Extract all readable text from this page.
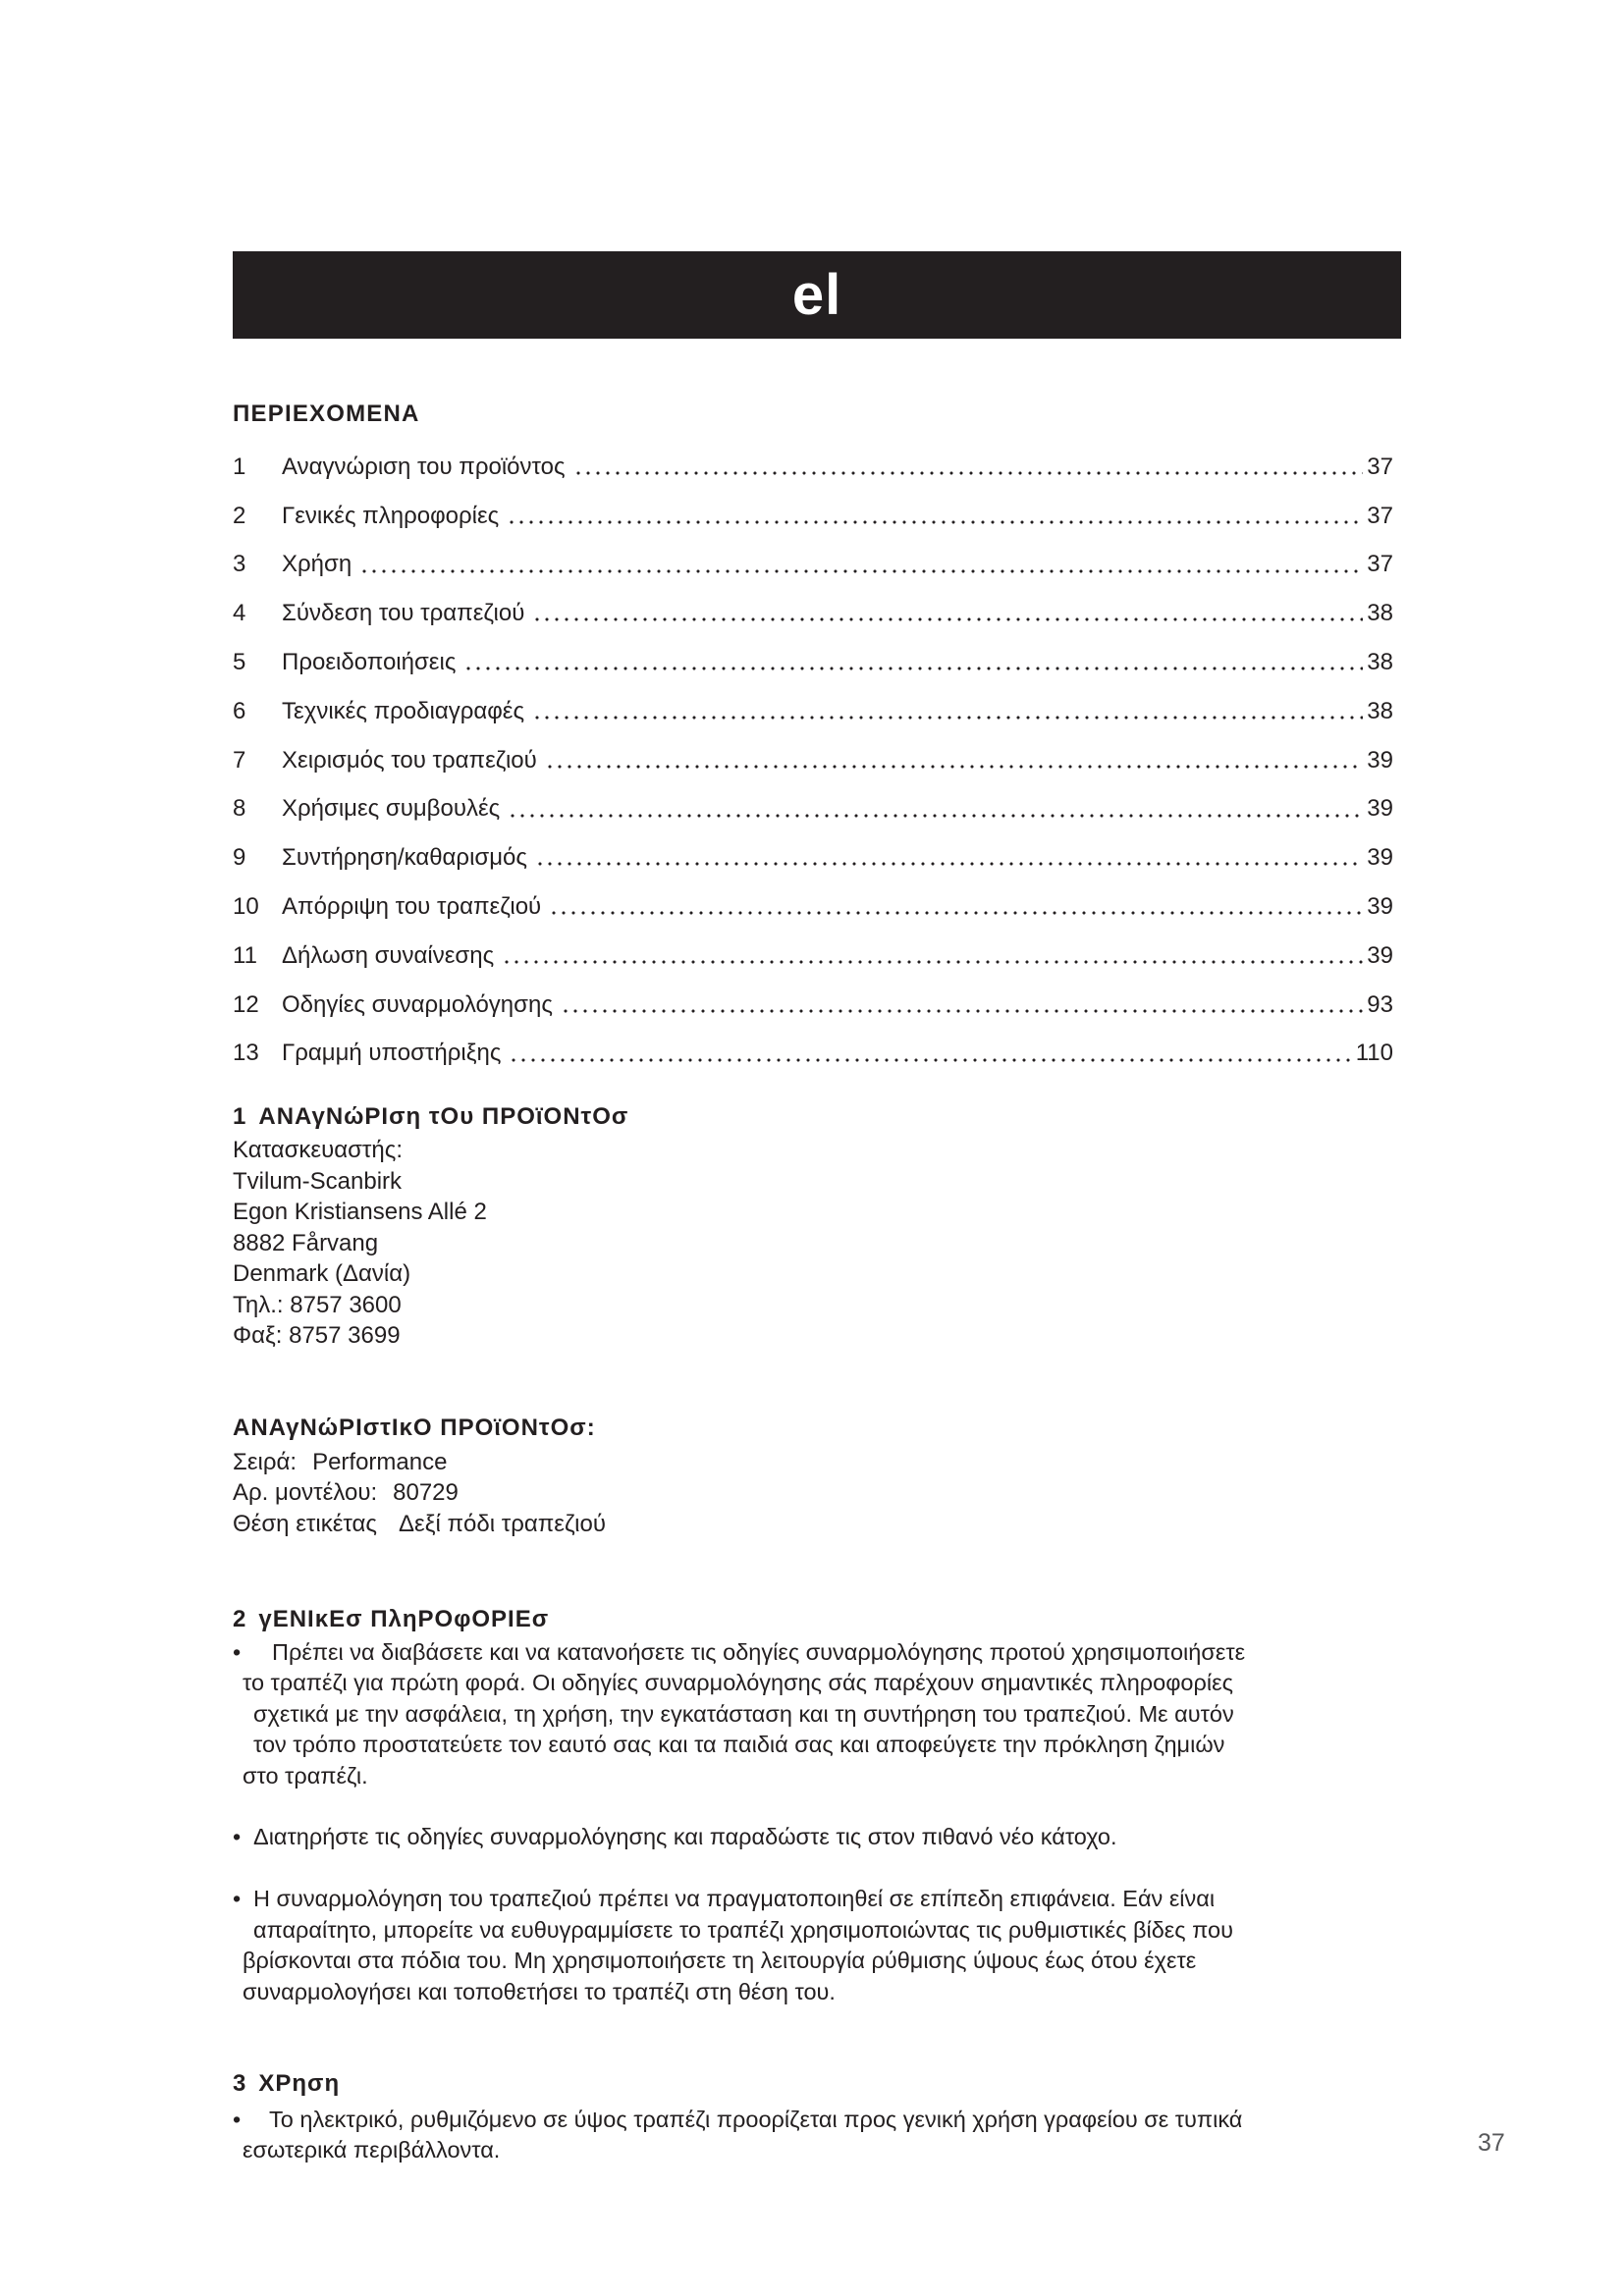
el
ΠΕΡΙΕΧΟΜΕΝΑ
1	Αναγνώριση του προϊόντος	37
2	Γενικές πληροφορίες	37
3	Χρήση	37
4	Σύνδεση του τραπεζιού	38
5	Προειδοποιήσεις	38
6	Τεχνικές προδιαγραφές	38
7	Χειρισμός του τραπεζιού	39
8	Χρήσιμες συμβουλές	39
9	Συντήρηση/καθαρισμός	39
10 Απόρριψη του τραπεζιού	39
11	Δήλωση συναίνεσης	39
12 Οδηγίες συναρμολόγησης	93
13 Γραμμή υποστήριξης	110
1 ΑΝΑγΝώΡΙση τΟυ ΠΡΟϊΟΝτΟσ
Κατασκευαστής:
Tvilum-Scanbirk
Egon Kristiansens Allé 2
8882 Fårvang
Denmark (Δανία)
Τηλ.: 8757 3600
Φαξ: 8757 3699
ΑΝΑγΝώΡΙστΙκΟ ΠΡΟϊΟΝτΟσ:
Σειρά: Performance
Αρ. μοντέλου: 80729
Θέση ετικέτας Δεξί πόδι τραπεζιού
2 γΕΝΙκΕσ ΠληΡΟφΟΡΙΕσ
• Πρέπει να διαβάσετε και να κατανοήσετε τις οδηγίες συναρμολόγησης προτού χρησιμοποιήσετε
το τραπέζι για πρώτη φορά. Οι οδηγίες συναρμολόγησης σάς παρέχουν σημαντικές πληροφορίες
σχετικά με την ασφάλεια, τη χρήση, την εγκατάσταση και τη συντήρηση του τραπεζιού. Με αυτόν
τον τρόπο προστατεύετε τον εαυτό σας και τα παιδιά σας και αποφεύγετε την πρόκληση ζημιών
στο τραπέζι.
• Διατηρήστε τις οδηγίες συναρμολόγησης και παραδώστε τις στον πιθανό νέο κάτοχο.
• Η συναρμολόγηση του τραπεζιού πρέπει να πραγματοποιηθεί σε επίπεδη επιφάνεια. Εάν είναι
απαραίτητο, μπορείτε να ευθυγραμμίσετε το τραπέζι χρησιμοποιώντας τις ρυθμιστικές βίδες που
βρίσκονται στα πόδια του. Μη χρησιμοποιήσετε τη λειτουργία ρύθμισης ύψους έως ότου έχετε
συναρμολογήσει και τοποθετήσει το τραπέζι στη θέση του.
3 ΧΡηση
• Το ηλεκτρικό, ρυθμιζόμενο σε ύψος τραπέζι προορίζεται προς γενική χρήση γραφείου σε τυπικά
εσωτερικά περιβάλλοντα.	37
